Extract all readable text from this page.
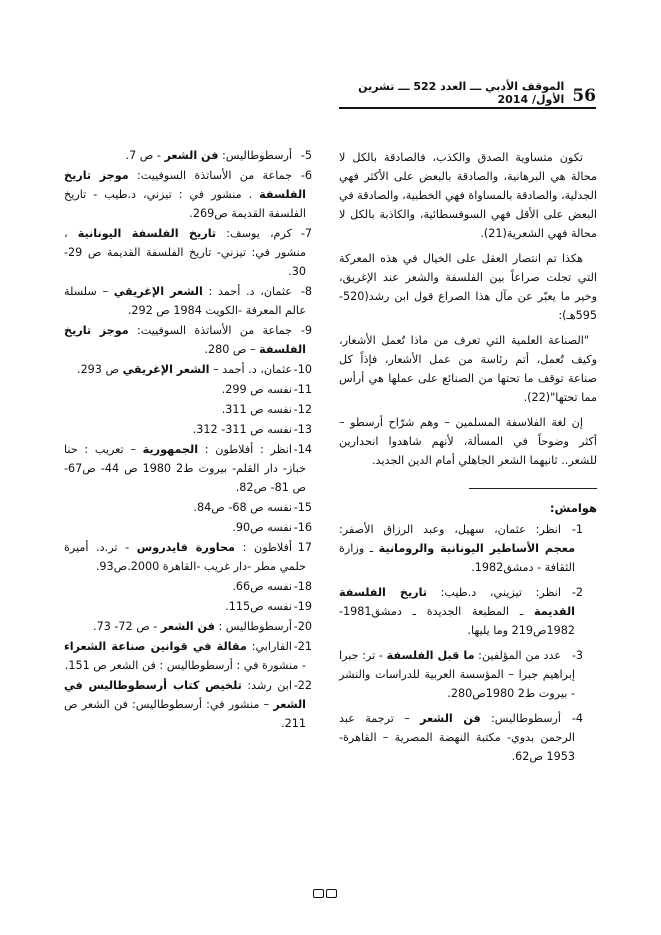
56
الموقف الأدبي ـــ العدد 522 ـــ تشرين الأول/ 2014

تكون متساوية الصدق والكذب، فالصادقة بالكل لا محالة هي البرهانية، والصادقة بالبعض على الأكثر فهي الجدلية، والصادقة بالمساواة فهي الخطبية، والصادقة في البعض على الأقل فهي السوفسطائية، والكاذبة بالكل لا محالة فهي الشعرية(21).

هكذا تم انتصار العقل على الخيال في هذه المعركة التي تجلت صراعاً بين الفلسفة والشعر عند الإغريق، وخير ما يعبّر عن مآل هذا الصراع قول ابن رشد(520- 595هـ):

"الصناعة العلمية التي تعرف من ماذا تُعمل الأشعار، وكيف تُعمل، أتم رئاسة من عمل الأشعار، فإذاً كل صناعة توقف ما تحتها من الصنائع على عملها هي أرأس مما تحتها"(22).

إن لغة الفلاسفة المسلمين – وهم شرّاح أرسطو – أكثر وضوحاً في المسألة، لأنهم شاهدوا انحدارين للشعر.. ثانيهما الشعر الجاهلي أمام الدين الجديد.

هوامش:

1-
انظر: عثمان، سهيل، وعبد الرزاق الأصفر: معجم الأساطير اليونانية والرومانية ـ وزارة الثقافة - دمشق1982.

2-
انظر: تيزيني، د.طيب: تاريخ الفلسفة القديمة ـ المطبعة الجديدة ـ دمشق1981- 1982ص219 وما يليها.

3-
عدد من المؤلفين: ما قبل الفلسفة - تر: جبرا إبراهيم جبرا – المؤسسة العربية للدراسات والنشر - بيروت ط2 1980ص280.

4-
أرسطوطاليس: فن الشعر – ترجمة عبد الرحمن بدوي- مكتبة النهضة المصرية – القاهرة- 1953 ص62.

5-
أرسطوطاليس: فن الشعر - ص 7.

6-
جماعة من الأساتذة السوفييت: موجز تاريخ الفلسفة . منشور في : تيزني، د.طيب - تاريخ الفلسفة القديمة ص269.

7-
كرم، يوسف: تاريخ الفلسفة اليونانية ، منشور في: تيزني- تاريخ الفلسفة القديمة ص 29- 30.

8-
عثمان، د. أحمد : الشعر الإغريقي – سلسلة عالم المعرفة -الكويت 1984 ص 292.

9-
جماعة من الأساتذة السوفييت: موجز تاريخ الفلسفة – ص 280.

10-
عثمان، د. أحمد – الشعر الإغريقي ص 293.

11-
نفسه ص 299.

12-
نفسه ص 311.

13-
نفسه ص 311- 312.

14-
انظر : أفلاطون : الجمهورية – تعريب : حنا خباز- دار القلم- بيروت ط2 1980 ص 44- ص67- ص 81- ص82.

15-
نفسه ص 68- ص84.

16-
نفسه ص90.

17
أفلاطون : محاورة فايدروس - تر.د. أميرة حلمي مطر -دار غريب -القاهرة 2000.ص93.

18-
نفسه ص66.

19-
نفسه ص115.

20-
أرسطوطاليس : فن الشعر - ص 72- 73.

21-
الفارابي: مقالة في قوانين صناعة الشعراء - منشورة في : أرسطوطاليس : فن الشعر ص 151.

22-
ابن رشد: تلخيص كتاب أرسطوطاليس في الشعر – منشور في: أرسطوطاليس: فن الشعر ص 211.
